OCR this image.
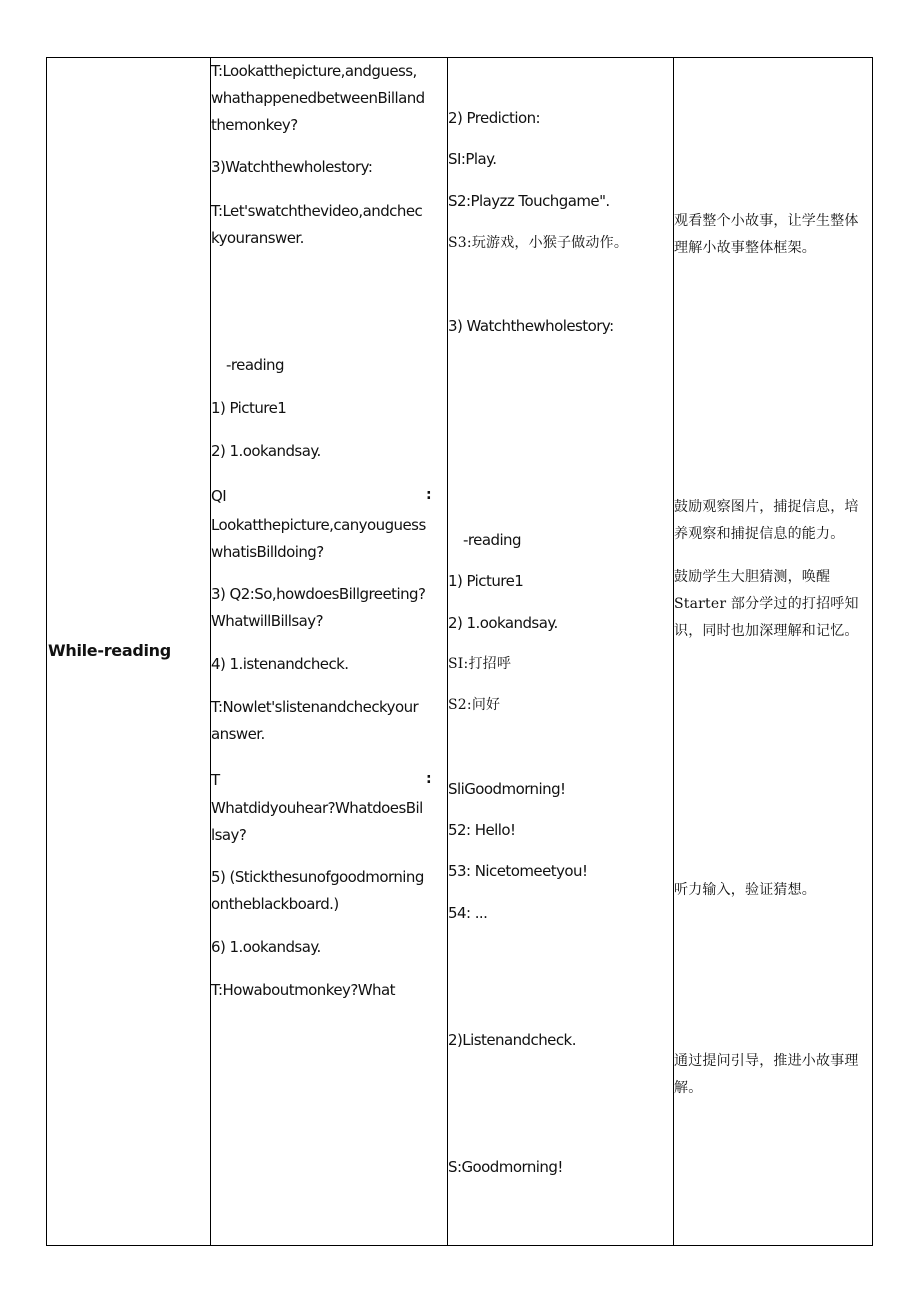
While-reading
T:Lookatthepicture,andguess,
whathappenedbetweenBilland
themonkey?
3)Watchthewholestory:
T:Let'swatchthevideo,andchec
kyouranswer.
-reading
1) Picture1
2) 1.ookandsay.
QI	:
Lookatthepicture,canyouguess
whatisBilldoing?
3) Q2:So,howdoesBillgreeting?
WhatwillBillsay?
4) 1.istenandcheck.
T:Nowlet'slistenandcheckyour
answer.
T	:
Whatdidyouhear?WhatdoesBil
lsay?
5) (Stickthesunofgoodmorning
ontheblackboard.)
6) 1.ookandsay.
T:Howaboutmonkey?What
2) Prediction:
SI:Play.
S2:Playzz Touchgame".
S3:玩游戏，小猴子做动作。
3) Watchthewholestory:
-reading
1) Picture1
2) 1.ookandsay.
SI:打招呼
S2:问好
SliGoodmorning!
52: Hello!
53: Nicetomeetyou!
54: ...
2)Listenandcheck.
S:Goodmorning!
观看整个小故事，让学生整体
理解小故事整体框架。
鼓励观察图片，捕捉信息，培
养观察和捕捉信息的能力。
鼓励学生大胆猜测，唤醒
Starter 部分学过的打招呼知
识，同时也加深理解和记忆。
听力输入，验证猜想。
通过提问引导，推进小故事理
解。
